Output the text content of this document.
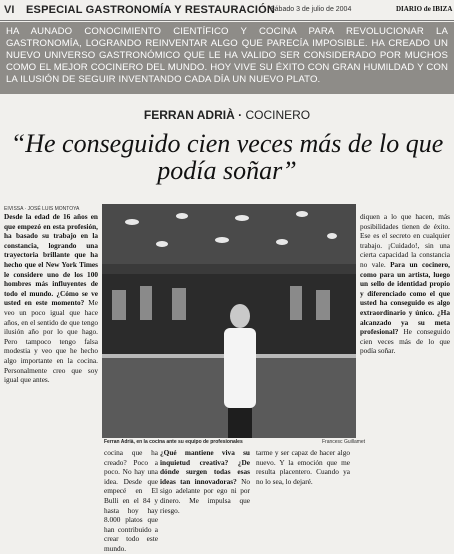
VI ESPECIAL GASTRONOMÍA Y RESTAURACIÓN
Sábado 3 de julio de 2004	DIARIO de IBIZA
HA AUNADO CONOCIMIENTO CIENTÍFICO Y COCINA PARA REVOLUCIONAR LA GASTRONOMÍA, LOGRANDO REINVENTAR ALGO QUE PARECÍA IMPOSIBLE. HA CREADO UN NUEVO UNIVERSO GASTRONÓMICO QUE LE HA VALIDO SER CONSIDERADO POR MUCHOS COMO EL MEJOR COCINERO DEL MUNDO. HOY VIVE SU ÉXITO CON GRAN HUMILDAD Y CON LA ILUSIÓN DE SEGUIR INVENTANDO CADA DÍA UN NUEVO PLATO.
FERRAN ADRIÀ · COCINERO
“He conseguido cien veces más de lo que podía soñar”
EIVISSA · JOSÉ LUIS MONTOYA
Desde la edad de 16 años en que empezó en esta profesión, ha basado su trabajo en la constancia, logrando una trayectoria brillante que ha hecho que el New York Times le considere uno de los 100 hombres más influyentes de todo el mundo. ¿Cómo se ve usted en este momento? Me veo un poco igual que hace años, en el sentido de que tengo ilusión año por lo que hago. Pero tampoco tengo falsa modestia y veo que he hecho algo importante en la cocina. Personalmente creo que soy igual que antes.
cocina que ha creado? Poco a poco. No hay una idea. Desde que empecé en El Bulli en el 84 y hasta hoy hay 8.000 platos que han contribuido a crear todo este mundo.
¿Qué mantiene viva su inquietud creativa? ¿De dónde surgen todas esas ideas tan innovadoras? No sigo adelante por ego ni por dinero. Me impulsa que riesgo.
tarme y ser capaz de hacer algo nuevo. Y la emoción que me resulta placentero. Cuando ya no lo sea, lo dejaré.
diquen a lo que hacen, más posibilidades tienen de éxito. Ese es el secreto en cualquier trabajo. ¡Cuidado!, sin una cierta capacidad la constancia no vale. Para un cocinero, como para un artista, luego un sello de identidad propio y diferenciado como el que usted ha conseguido es algo extraordinario y único. ¿Ha alcanzado ya su meta profesional? He conseguido cien veces más de lo que podía soñar.
Ferran Adrià, en la cocina ante su equipo de profesionales	Francesc Guillamet
